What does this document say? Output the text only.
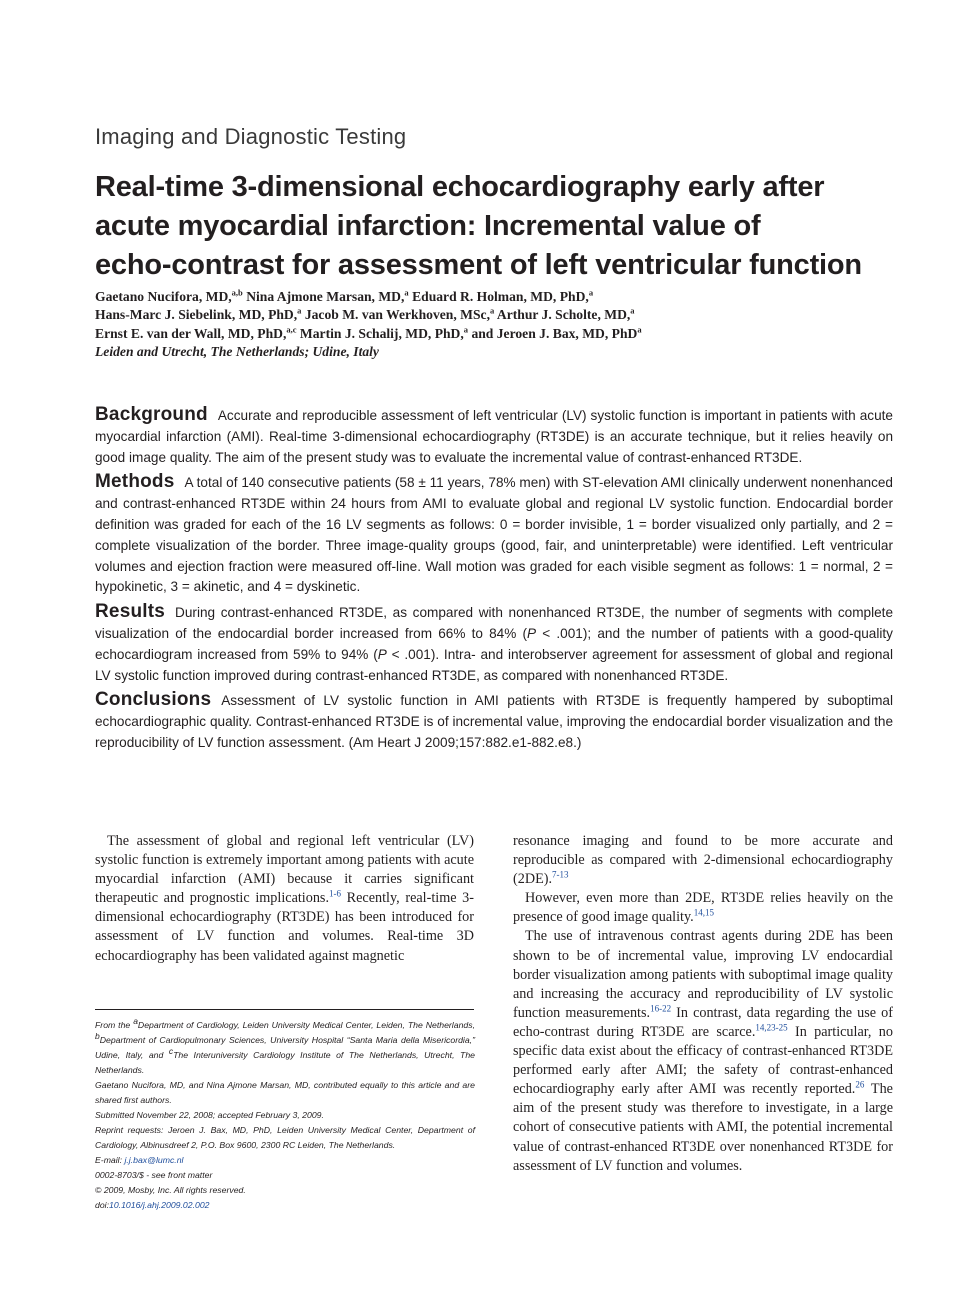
Imaging and Diagnostic Testing
Real-time 3-dimensional echocardiography early after
acute myocardial infarction: Incremental value of
echo-contrast for assessment of left ventricular function
Gaetano Nucifora, MD,$^{a,b}$ Nina Ajmone Marsan, MD,$^a$ Eduard R. Holman, MD, PhD,$^a$
Hans-Marc J. Siebelink, MD, PhD,$^a$ Jacob M. van Werkhoven, MSc,$^a$ Arthur J. Scholte, MD,$^a$
Ernst E. van der Wall, MD, PhD,$^{a,c}$ Martin J. Schalij, MD, PhD,$^a$ and Jeroen J. Bax, MD, PhD$^a$
Leiden and Utrecht, The Netherlands; Udine, Italy

Background Accurate and reproducible assessment of left ventricular (LV) systolic function is important in patients with acute myocardial infarction (AMI). Real-time 3-dimensional echocardiography (RT3DE) is an accurate technique, but it relies heavily on good image quality. The aim of the present study was to evaluate the incremental value of contrast-enhanced RT3DE.

Methods A total of 140 consecutive patients (58 ± 11 years, 78% men) with ST-elevation AMI clinically underwent nonenhanced and contrast-enhanced RT3DE within 24 hours from AMI to evaluate global and regional LV systolic function. Endocardial border definition was graded for each of the 16 LV segments as follows: 0 = border invisible, 1 = border visualized only partially, and 2 = complete visualization of the border. Three image-quality groups (good, fair, and uninterpretable) were identified. Left ventricular volumes and ejection fraction were measured off-line. Wall motion was graded for each visible segment as follows: 1 = normal, 2 = hypokinetic, 3 = akinetic, and 4 = dyskinetic.

Results During contrast-enhanced RT3DE, as compared with nonenhanced RT3DE, the number of segments with complete visualization of the endocardial border increased from 66% to 84% (P < .001); and the number of patients with a good-quality echocardiogram increased from 59% to 94% (P < .001). Intra- and interobserver agreement for assessment of global and regional LV systolic function improved during contrast-enhanced RT3DE, as compared with nonenhanced RT3DE.

Conclusions Assessment of LV systolic function in AMI patients with RT3DE is frequently hampered by suboptimal echocardiographic quality. Contrast-enhanced RT3DE is of incremental value, improving the endocardial border visualization and the reproducibility of LV function assessment. (Am Heart J 2009;157:882.e1-882.e8.)

The assessment of global and regional left ventricular (LV) systolic function is extremely important among patients with acute myocardial infarction (AMI) because it carries significant therapeutic and prognostic implications.$^{1-6}$ Recently, real-time 3-dimensional echocardiography (RT3DE) has been introduced for assessment of LV function and volumes. Real-time 3D echocardiography has been validated against magnetic

From the $^a$Department of Cardiology, Leiden University Medical Center, Leiden, The Netherlands, $^b$Department of Cardiopulmonary Sciences, University Hospital “Santa Maria della Misericordia,” Udine, Italy, and $^c$The Interuniversity Cardiology Institute of The Netherlands, Utrecht, The Netherlands.
Gaetano Nucifora, MD, and Nina Ajmone Marsan, MD, contributed equally to this article and are shared first authors.
Submitted November 22, 2008; accepted February 3, 2009.
Reprint requests: Jeroen J. Bax, MD, PhD, Leiden University Medical Center, Department of Cardiology, Albinusdreef 2, P.O. Box 9600, 2300 RC Leiden, The Netherlands.
E-mail: j.j.bax@lumc.nl
0002-8703/$ - see front matter
© 2009, Mosby, Inc. All rights reserved.
doi:10.1016/j.ahj.2009.02.002

resonance imaging and found to be more accurate and reproducible as compared with 2-dimensional echocardiography (2DE).$^{7-13}$

However, even more than 2DE, RT3DE relies heavily on the presence of good image quality.$^{14,15}$

The use of intravenous contrast agents during 2DE has been shown to be of incremental value, improving LV endocardial border visualization among patients with suboptimal image quality and increasing the accuracy and reproducibility of LV systolic function measurements.$^{16-22}$ In contrast, data regarding the use of echo-contrast during RT3DE are scarce.$^{14,23-25}$ In particular, no specific data exist about the efficacy of contrast-enhanced RT3DE performed early after AMI; the safety of contrast-enhanced echocardiography early after AMI was recently reported.$^{26}$ The aim of the present study was therefore to investigate, in a large cohort of consecutive patients with AMI, the potential incremental value of contrast-enhanced RT3DE over nonenhanced RT3DE for assessment of LV function and volumes.
